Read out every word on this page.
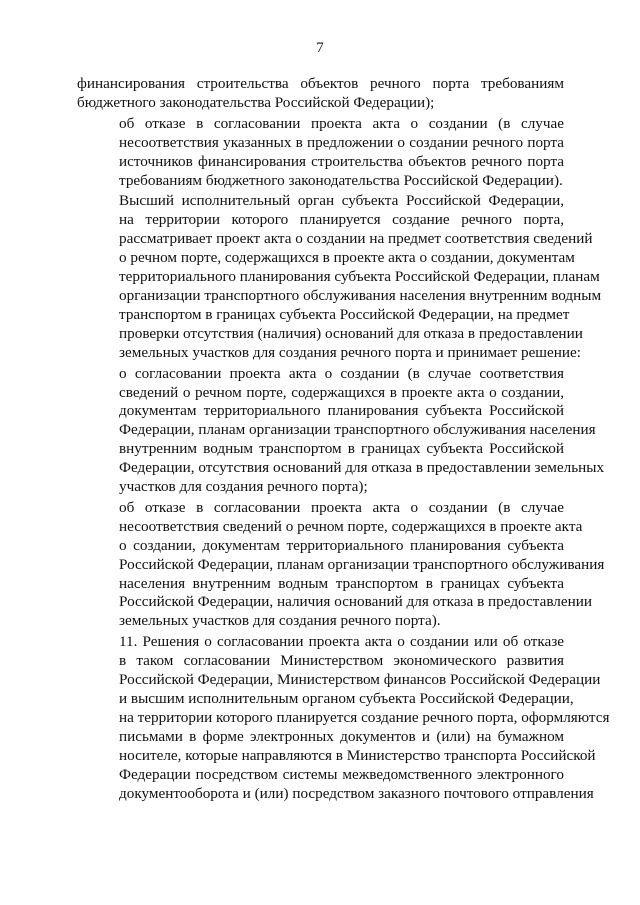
7
финансирования строительства объектов речного порта требованиям
бюджетного законодательства Российской Федерации);
об отказе в согласовании проекта акта о создании (в случае
несоответствия указанных в предложении о создании речного порта
источников финансирования строительства объектов речного порта
требованиям бюджетного законодательства Российской Федерации).
Высший исполнительный орган субъекта Российской Федерации,
на территории которого планируется создание речного порта,
рассматривает проект акта о создании на предмет соответствия сведений
о речном порте, содержащихся в проекте акта о создании, документам
территориального планирования субъекта Российской Федерации, планам
организации транспортного обслуживания населения внутренним водным
транспортом в границах субъекта Российской Федерации, на предмет
проверки отсутствия (наличия) оснований для отказа в предоставлении
земельных участков для создания речного порта и принимает решение:
о согласовании проекта акта о создании (в случае соответствия
сведений о речном порте, содержащихся в проекте акта о создании,
документам территориального планирования субъекта Российской
Федерации, планам организации транспортного обслуживания населения
внутренним водным транспортом в границах субъекта Российской
Федерации, отсутствия оснований для отказа в предоставлении земельных
участков для создания речного порта);
об отказе в согласовании проекта акта о создании (в случае
несоответствия сведений о речном порте, содержащихся в проекте акта
о создании, документам территориального планирования субъекта
Российской Федерации, планам организации транспортного обслуживания
населения внутренним водным транспортом в границах субъекта
Российской Федерации, наличия оснований для отказа в предоставлении
земельных участков для создания речного порта).
11. Решения о согласовании проекта акта о создании или об отказе
в таком согласовании Министерством экономического развития
Российской Федерации, Министерством финансов Российской Федерации
и высшим исполнительным органом субъекта Российской Федерации,
на территории которого планируется создание речного порта, оформляются
письмами в форме электронных документов и (или) на бумажном
носителе, которые направляются в Министерство транспорта Российской
Федерации посредством системы межведомственного электронного
документооборота и (или) посредством заказного почтового отправления
